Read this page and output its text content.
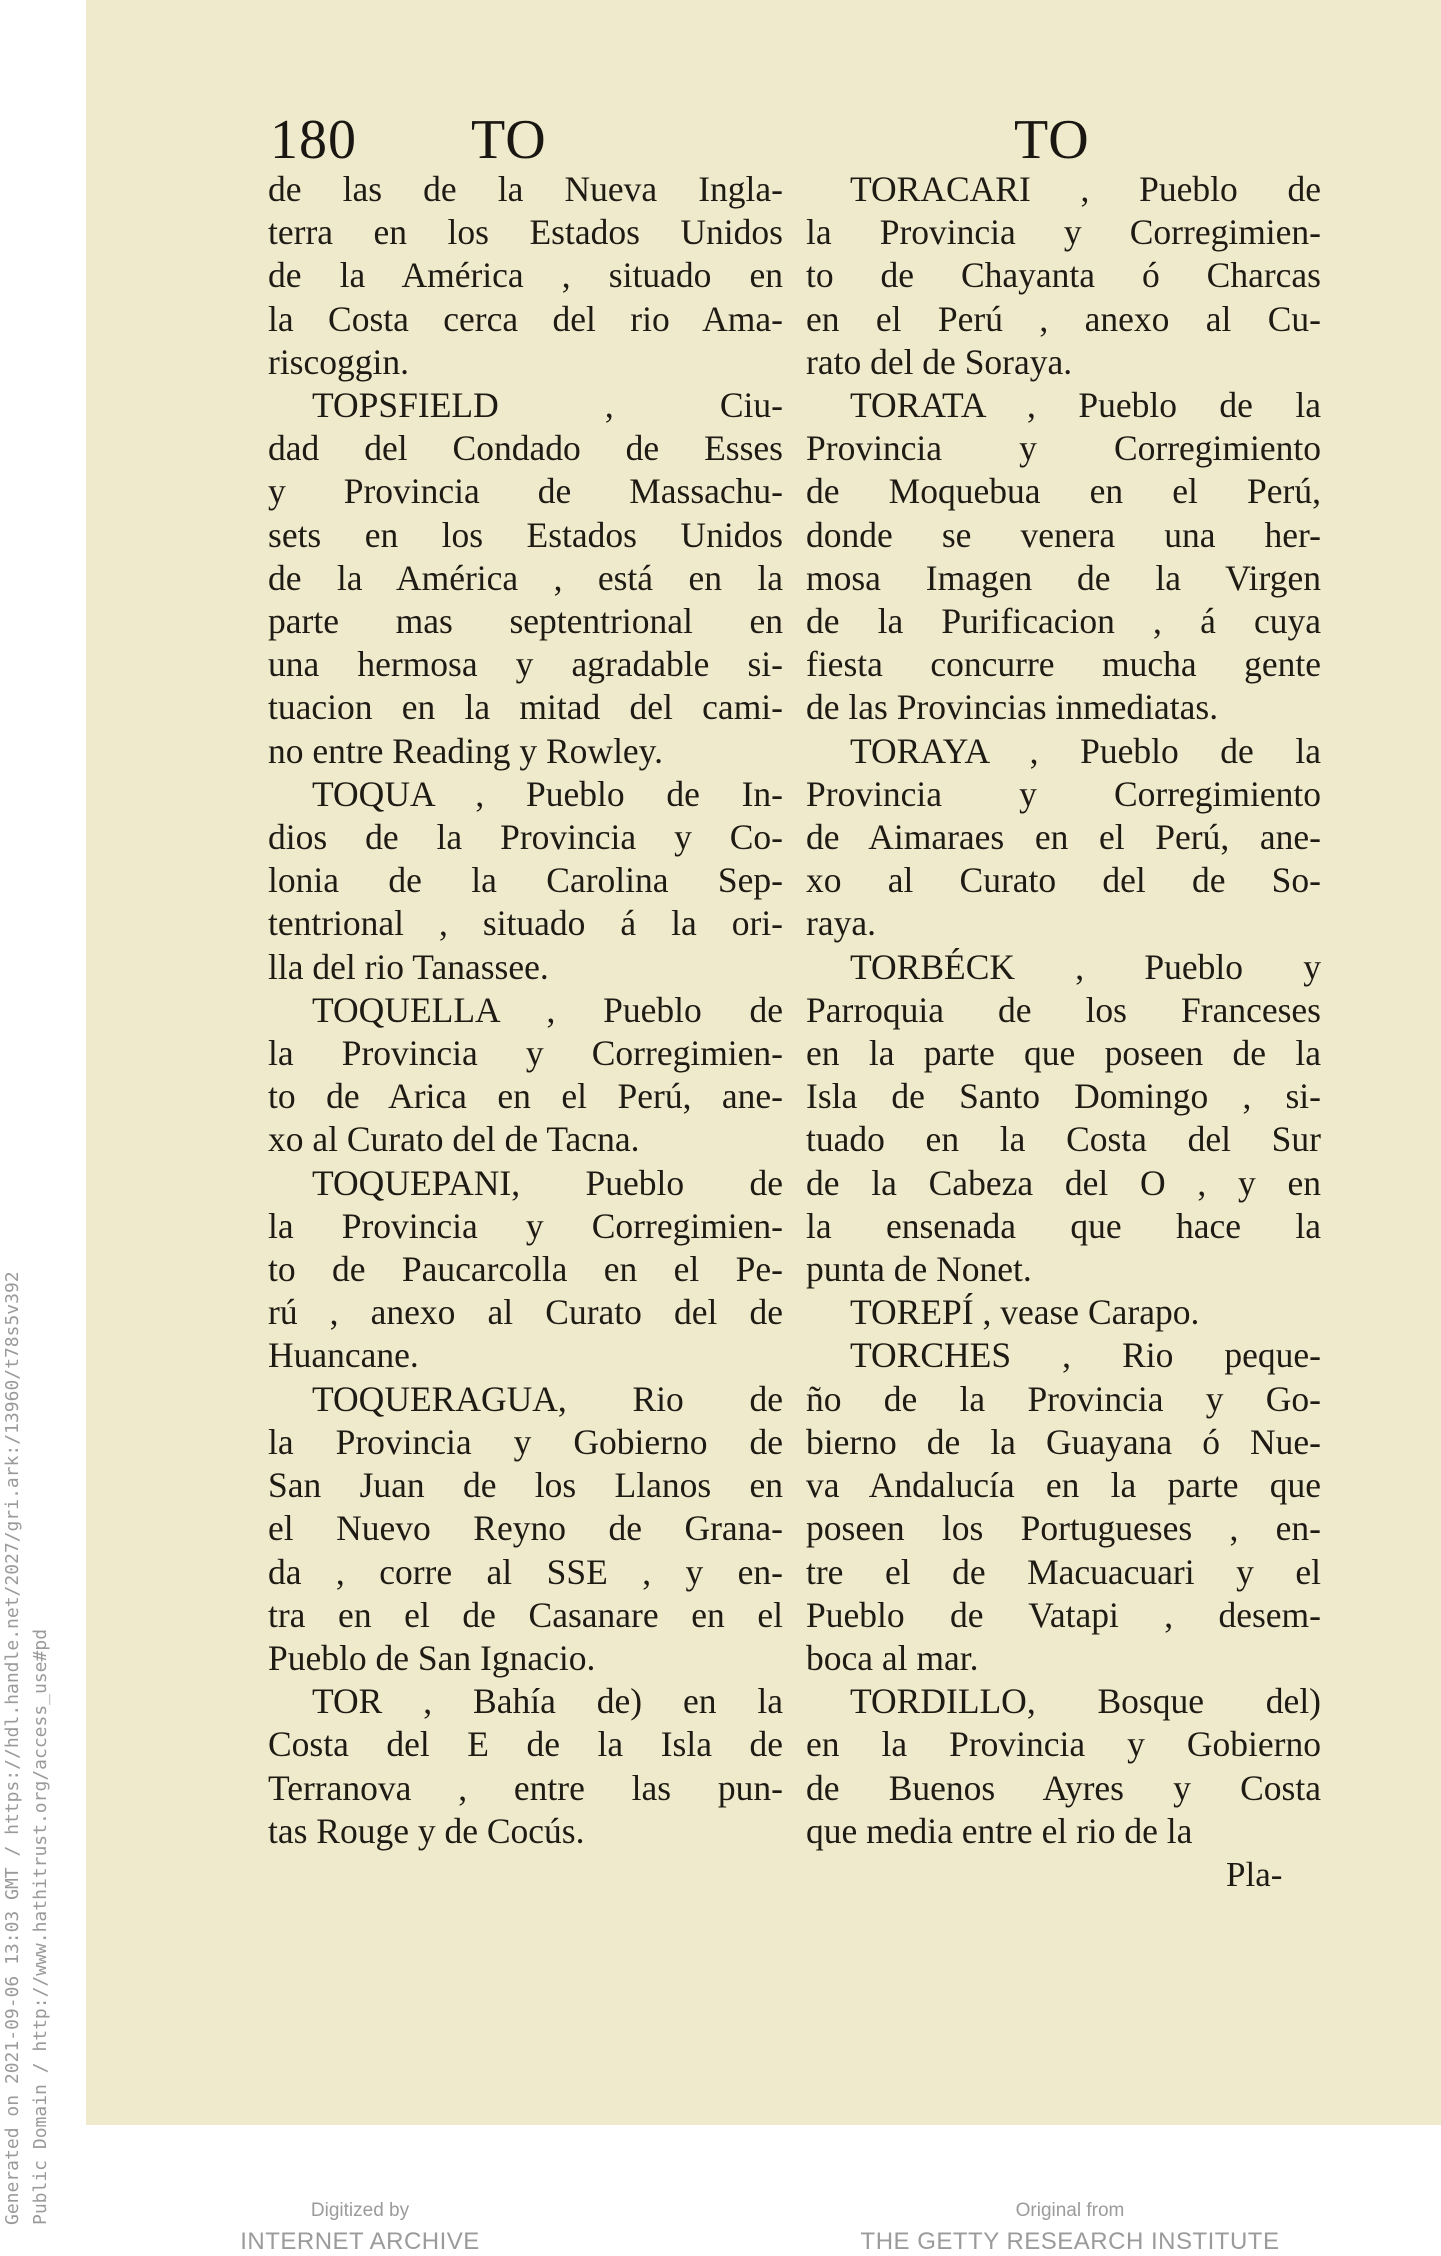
Generated on 2021-09-06 13:03 GMT / https://hdl.handle.net/2027/gri.ark:/13960/t78s5v392 Public Domain / http://www.hathitrust.org/access_use#pd
180 TO	TO

de las de la Nueva Ingla-
terra en los Estados Unidos
de la América , situado en
la Costa cerca del rio Ama-
riscoggin.

TOPSFIELD , Ciu-
dad del Condado de Esses
y Provincia de Massachu-
sets en los Estados Unidos
de la América , está en la
parte mas septentrional en
una hermosa y agradable si-
tuacion en la mitad del cami-
no entre Reading y Rowley.

TOQUA , Pueblo de In-
dios de la Provincia y Co-
lonia de la Carolina Sep-
tentrional , situado á la ori-
lla del rio Tanassee.

TOQUELLA , Pueblo de
la Provincia y Corregimien-
to de Arica en el Perú, ane-
xo al Curato del de Tacna.

TOQUEPANI, Pueblo de
la Provincia y Corregimien-
to de Paucarcolla en el Pe-
rú , anexo al Curato del de
Huancane.

TOQUERAGUA, Rio de
la Provincia y Gobierno de
San Juan de los Llanos en
el Nuevo Reyno de Grana-
da , corre al SSE , y en-
tra en el de Casanare en el
Pueblo de San Ignacio.

TOR , Bahía de) en la
Costa del E de la Isla de
Terranova , entre las pun-
tas Rouge y de Cocús.

TORACARI , Pueblo de
la Provincia y Corregimien-
to de Chayanta ó Charcas
en el Perú , anexo al Cu-
rato del de Soraya.

TORATA , Pueblo de la
Provincia y Corregimiento
de Moquebua en el Perú,
donde se venera una her-
mosa Imagen de la Virgen
de la Purificacion , á cuya
fiesta concurre mucha gente
de las Provincias inmediatas.

TORAYA , Pueblo de la
Provincia y Corregimiento
de Aimaraes en el Perú, ane-
xo al Curato del de So-
raya.

TORBÉCK , Pueblo y
Parroquia de los Franceses
en la parte que poseen de la
Isla de Santo Domingo , si-
tuado en la Costa del Sur
de la Cabeza del O , y en
la ensenada que hace la
punta de Nonet.

TOREPÍ , vease Carapo.

TORCHES , Rio peque-
ño de la Provincia y Go-
bierno de la Guayana ó Nue-
va Andalucía en la parte que
poseen los Portugueses , en-
tre el de Macuacuari y el
Pueblo de Vatapi , desem-
boca al mar.

TORDILLO, Bosque del)
en la Provincia y Gobierno
de Buenos Ayres y Costa
que media entre el rio de la

Pla-
Digitized by
INTERNET ARCHIVE
Original from
THE GETTY RESEARCH INSTITUTE
